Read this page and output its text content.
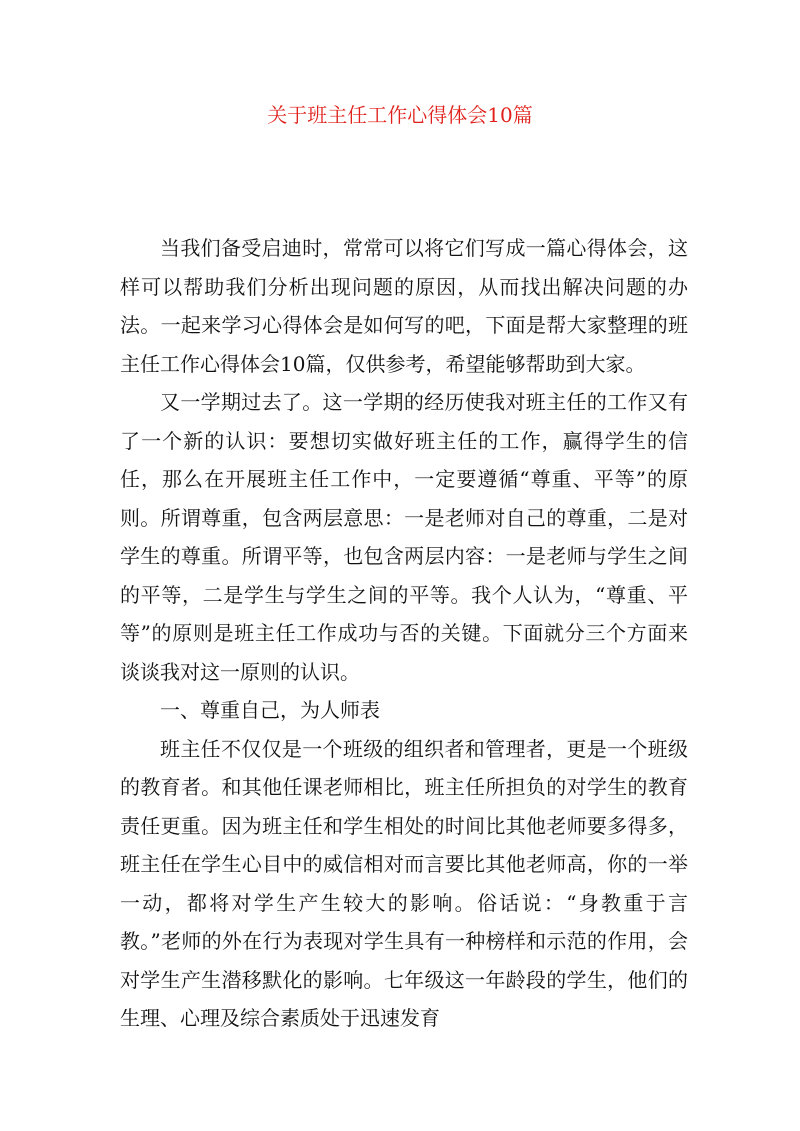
关于班主任工作心得体会10篇

当我们备受启迪时，常常可以将它们写成一篇心得体会，这样可以帮助我们分析出现问题的原因，从而找出解决问题的办法。一起来学习心得体会是如何写的吧，下面是帮大家整理的班主任工作心得体会10篇，仅供参考，希望能够帮助到大家。

又一学期过去了。这一学期的经历使我对班主任的工作又有了一个新的认识：要想切实做好班主任的工作，赢得学生的信任，那么在开展班主任工作中，一定要遵循“尊重、平等”的原则。所谓尊重，包含两层意思：一是老师对自己的尊重，二是对学生的尊重。所谓平等，也包含两层内容：一是老师与学生之间的平等，二是学生与学生之间的平等。我个人认为，“尊重、平等”的原则是班主任工作成功与否的关键。下面就分三个方面来谈谈我对这一原则的认识。

一、尊重自己，为人师表

班主任不仅仅是一个班级的组织者和管理者，更是一个班级的教育者。和其他任课老师相比，班主任所担负的对学生的教育责任更重。因为班主任和学生相处的时间比其他老师要多得多，班主任在学生心目中的威信相对而言要比其他老师高，你的一举一动，都将对学生产生较大的影响。俗话说：“身教重于言教。”老师的外在行为表现对学生具有一种榜样和示范的作用，会对学生产生潜移默化的影响。七年级这一年龄段的学生，他们的生理、心理及综合素质处于迅速发育
